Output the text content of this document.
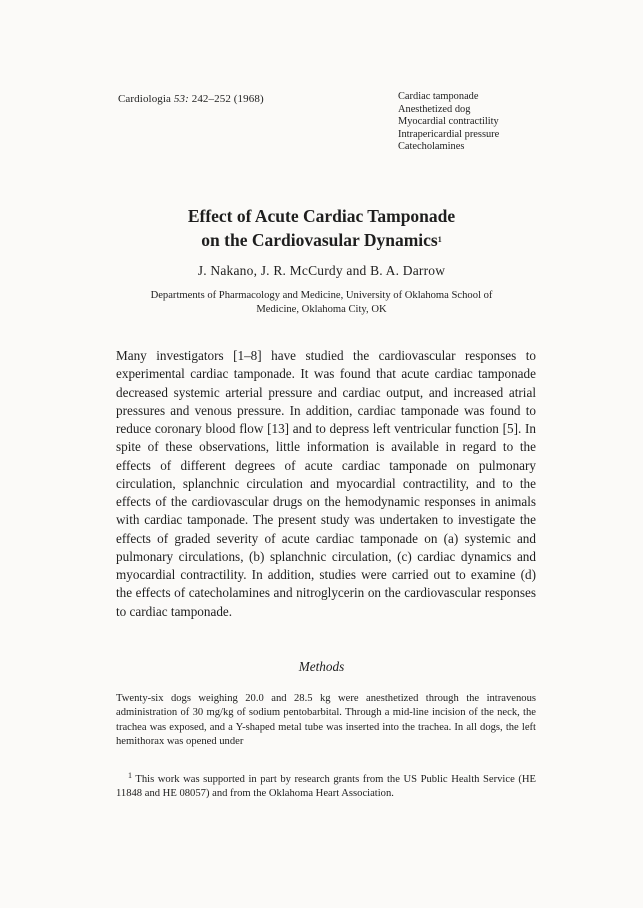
Cardiologia 53: 242–252 (1968)	Cardiac tamponade
Anesthetized dog
Myocardial contractility
Intrapericardial pressure
Catecholamines
Effect of Acute Cardiac Tamponade
on the Cardiovasular Dynamics$^1$
J. Nakano, J. R. McCurdy and B. A. Darrow
Departments of Pharmacology and Medicine, University of Oklahoma School of
Medicine, Oklahoma City, OK

Many investigators [1–8] have studied the cardiovascular responses to experimental cardiac tamponade. It was found that acute cardiac tamponade decreased systemic arterial pressure and cardiac output, and increased atrial pressures and venous pressure. In addition, cardiac tamponade was found to reduce coronary blood flow [13] and to depress left ventricular function [5]. In spite of these observations, little information is available in regard to the effects of different degrees of acute cardiac tamponade on pulmonary circulation, splanchnic circulation and myocardial contractility, and to the effects of the cardiovascular drugs on the hemodynamic responses in animals with cardiac tamponade. The present study was undertaken to investigate the effects of graded severity of acute cardiac tamponade on (a) systemic and pulmonary circulations, (b) splanchnic circulation, (c) cardiac dynamics and myocardial contractility. In addition, studies were carried out to examine (d) the effects of catecholamines and nitroglycerin on the cardiovascular responses to cardiac tamponade.

Methods

Twenty-six dogs weighing 20.0 and 28.5 kg were anesthetized through the intravenous administration of 30 mg/kg of sodium pentobarbital. Through a mid-line incision of the neck, the trachea was exposed, and a Y-shaped metal tube was inserted into the trachea. In all dogs, the left hemithorax was opened under

$^1$ This work was supported in part by research grants from the US Public Health Service (HE 11848 and HE 08057) and from the Oklahoma Heart Association.
